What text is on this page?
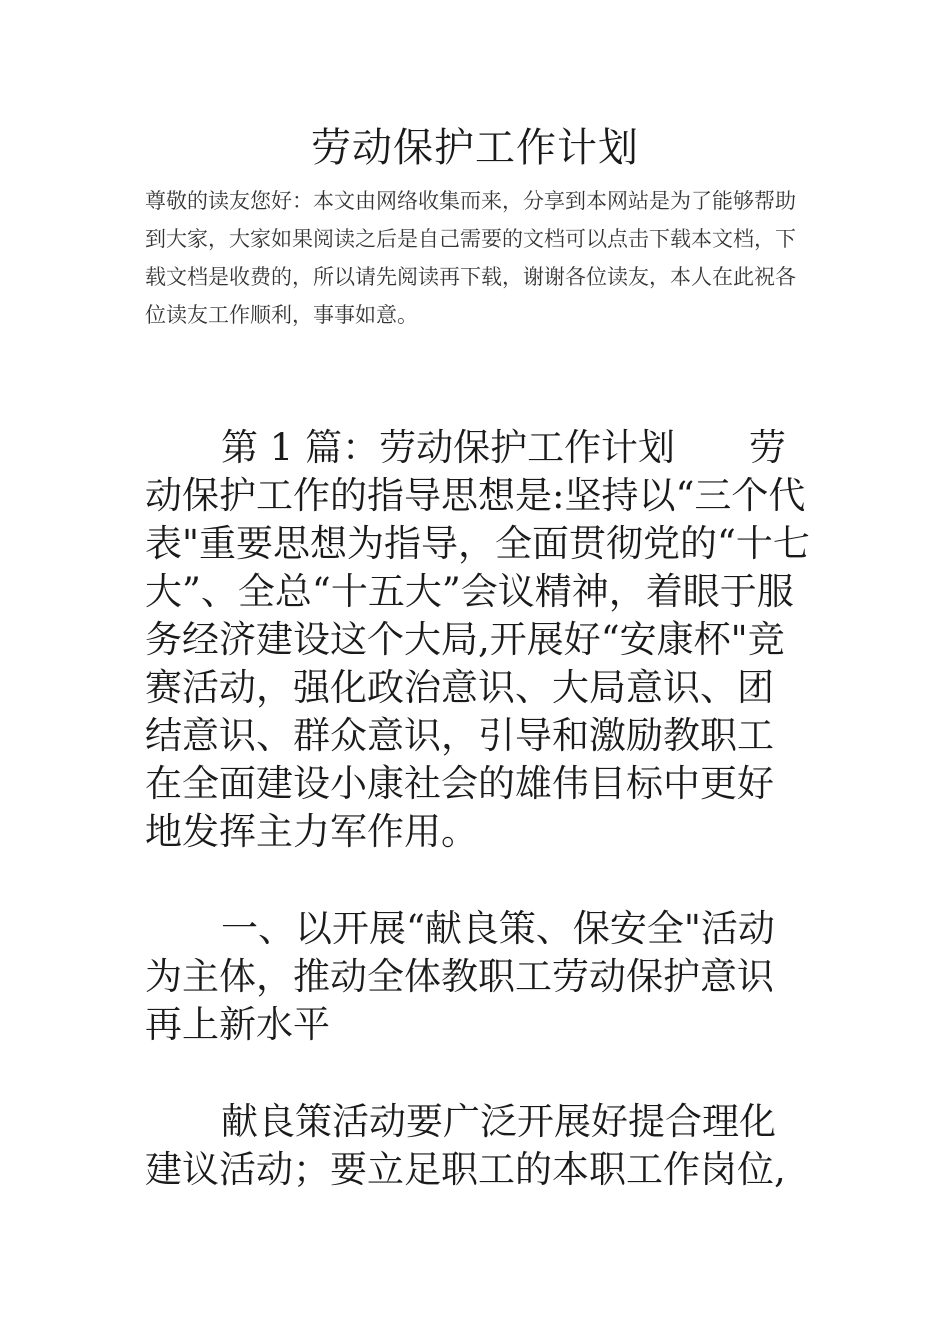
劳动保护工作计划
尊敬的读友您好：本文由网络收集而来，分享到本网站是为了能够帮助到大家，大家如果阅读之后是自己需要的文档可以点击下载本文档，下载文档是收费的，所以请先阅读再下载，谢谢各位读友，本人在此祝各位读友工作顺利，事事如意。

第 1 篇：劳动保护工作计划　　劳动保护工作的指导思想是:坚持以“三个代表"重要思想为指导，全面贯彻党的“十七大”、全总“十五大”会议精神，着眼于服务经济建设这个大局,开展好“安康杯"竞赛活动，强化政治意识、大局意识、团结意识、群众意识，引导和激励教职工在全面建设小康社会的雄伟目标中更好地发挥主力军作用。

一、以开展“献良策、保安全"活动为主体，推动全体教职工劳动保护意识再上新水平

献良策活动要广泛开展好提合理化建议活动；要立足职工的本职工作岗位,
